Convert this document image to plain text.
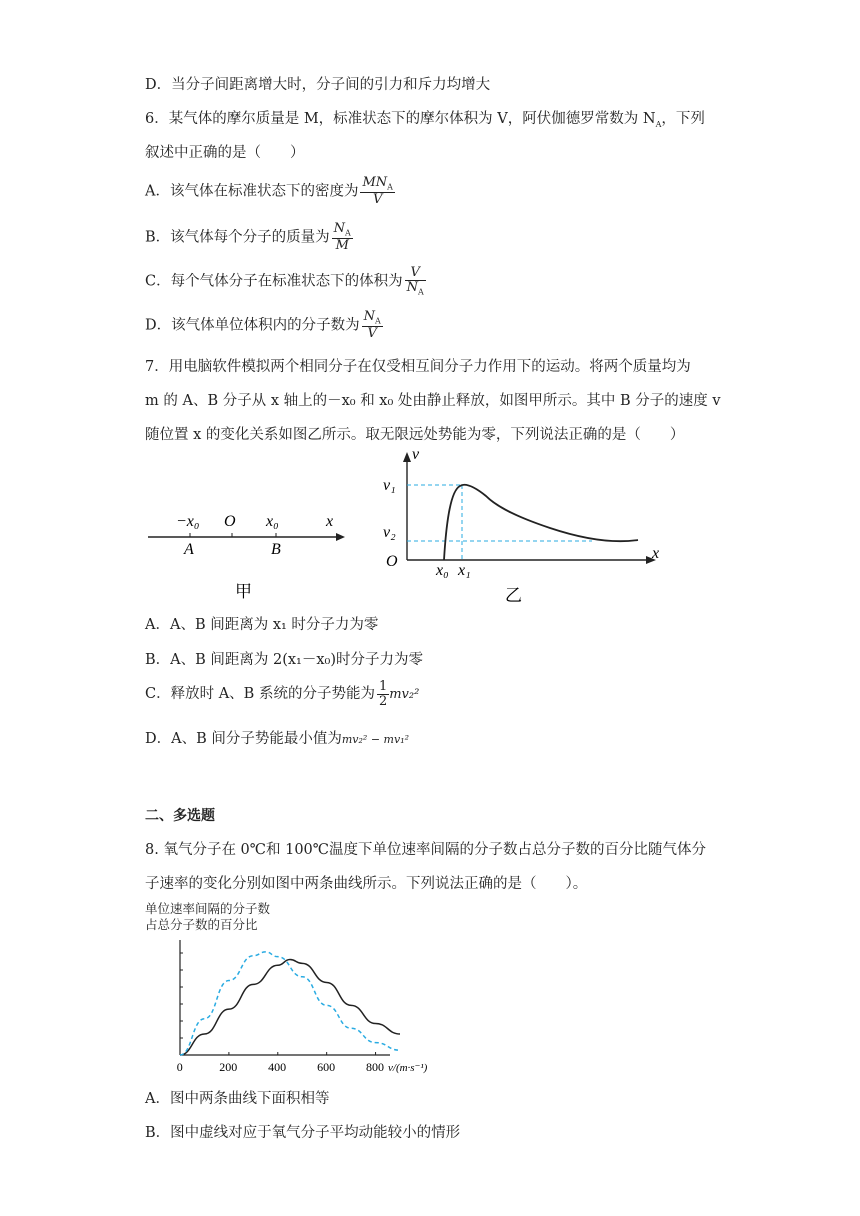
D．当分子间距离增大时，分子间的引力和斥力均增大
6．某气体的摩尔质量是 M，标准状态下的摩尔体积为 V，阿伏伽德罗常数为 $N_A$，下列
叙述中正确的是（　　）
A．该气体在标准状态下的密度为 $\frac{MN_A}{V}$
B．该气体每个分子的质量为 $\frac{N_A}{M}$
C．每个气体分子在标准状态下的体积为 $\frac{V}{N_A}$
D．该气体单位体积内的分子数为 $\frac{N_A}{V}$
7．用电脑软件模拟两个相同分子在仅受相互间分子力作用下的运动。将两个质量均为
m 的 A、B 分子从 x 轴上的－x₀ 和 x₀ 处由静止释放，如图甲所示。其中 B 分子的速度 v
随位置 x 的变化关系如图乙所示。取无限远处势能为零，下列说法正确的是（　　）
−x₀ O x₀	x
A	B
甲
v
v₁
v₂
O
x₀ x₁
x
乙
A．A、B 间距离为 x₁ 时分子力为零
B．A、B 间距离为 2(x₁－x₀)时分子力为零
C．释放时 A、B 系统的分子势能为 $\frac{1}{2} mv_2^2$
D．A、B 间分子势能最小值为mv₂² − mv₁²
二、多选题
8. 氧气分子在 0℃和 100℃温度下单位速率间隔的分子数占总分子数的百分比随气体分
子速率的变化分别如图中两条曲线所示。下列说法正确的是（　　）。
单位速率间隔的分子数
占总分子数的百分比
0	200	400	600	800 v/(m·s⁻¹)
A．图中两条曲线下面积相等
B．图中虚线对应于氧气分子平均动能较小的情形
